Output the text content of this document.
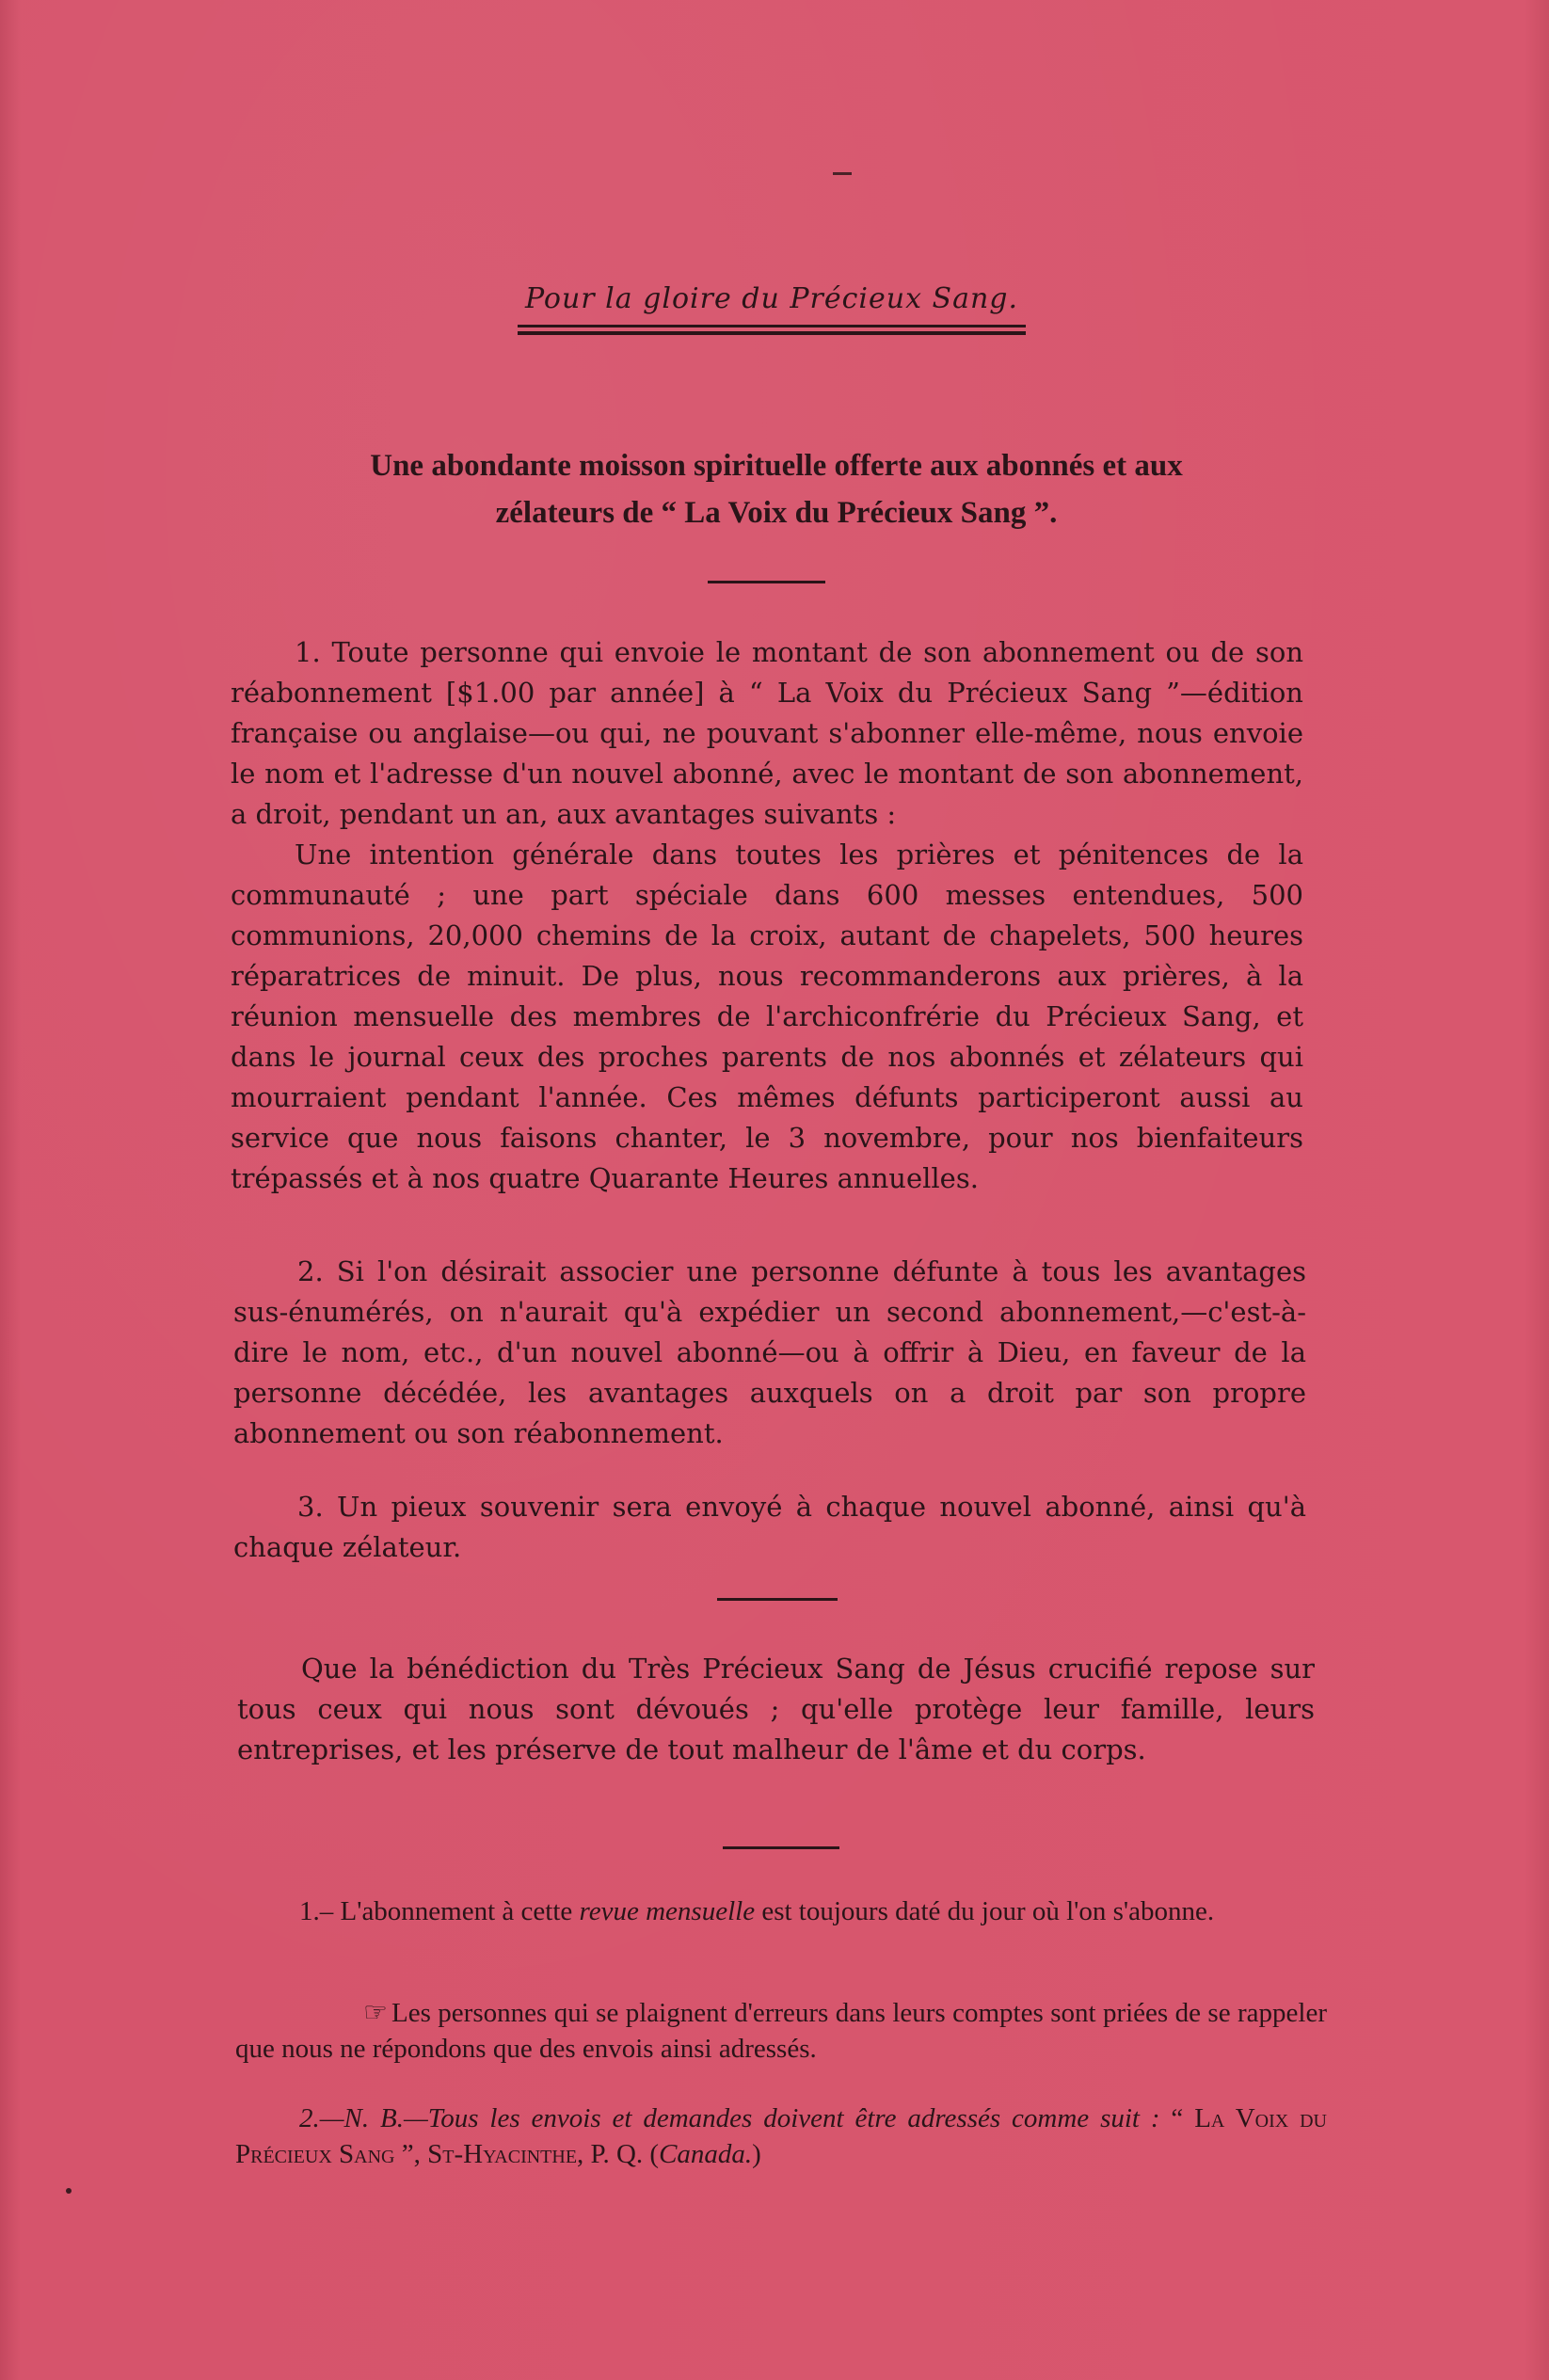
Pour la gloire du Précieux Sang.
Une abondante moisson spirituelle offerte aux abonnés et aux
zélateurs de “ La Voix du Précieux Sang ”.

1. Toute personne qui envoie le montant de son abonnement ou de son réabonnement [$1.00 par année] à “ La Voix du Précieux Sang ”—édition française ou anglaise—ou qui, ne pouvant s'abonner elle-même, nous envoie le nom et l'adresse d'un nouvel abonné, avec le montant de son abonnement, a droit, pendant un an, aux avantages suivants :

Une intention générale dans toutes les prières et pénitences de la communauté ; une part spéciale dans 600 messes entendues, 500 communions, 20,000 chemins de la croix, autant de chapelets, 500 heures réparatrices de minuit. De plus, nous recommanderons aux prières, à la réunion mensuelle des membres de l'archiconfrérie du Précieux Sang, et dans le journal ceux des proches parents de nos abonnés et zélateurs qui mourraient pendant l'année. Ces mêmes défunts participeront aussi au service que nous faisons chanter, le 3 novembre, pour nos bienfaiteurs trépassés et à nos quatre Quarante Heures annuelles.

2. Si l'on désirait associer une personne défunte à tous les avantages sus-énumérés, on n'aurait qu'à expédier un second abonnement,—c'est-à-dire le nom, etc., d'un nouvel abonné—ou à offrir à Dieu, en faveur de la personne décédée, les avantages auxquels on a droit par son propre abonnement ou son réabonnement.

3. Un pieux souvenir sera envoyé à chaque nouvel abonné, ainsi qu'à chaque zélateur.

Que la bénédiction du Très Précieux Sang de Jésus crucifié repose sur tous ceux qui nous sont dévoués ; qu'elle protège leur famille, leurs entreprises, et les préserve de tout malheur de l'âme et du corps.

1.– L'abonnement à cette revue mensuelle est toujours daté du jour où l'on s'abonne.

☞ Les personnes qui se plaignent d'erreurs dans leurs comptes sont priées de se rappeler que nous ne répondons que des envois ainsi adressés.

2.—N. B.—Tous les envois et demandes doivent être adressés comme suit : “ La Voix du Précieux Sang ”, St-Hyacinthe, P. Q. (Canada.)
